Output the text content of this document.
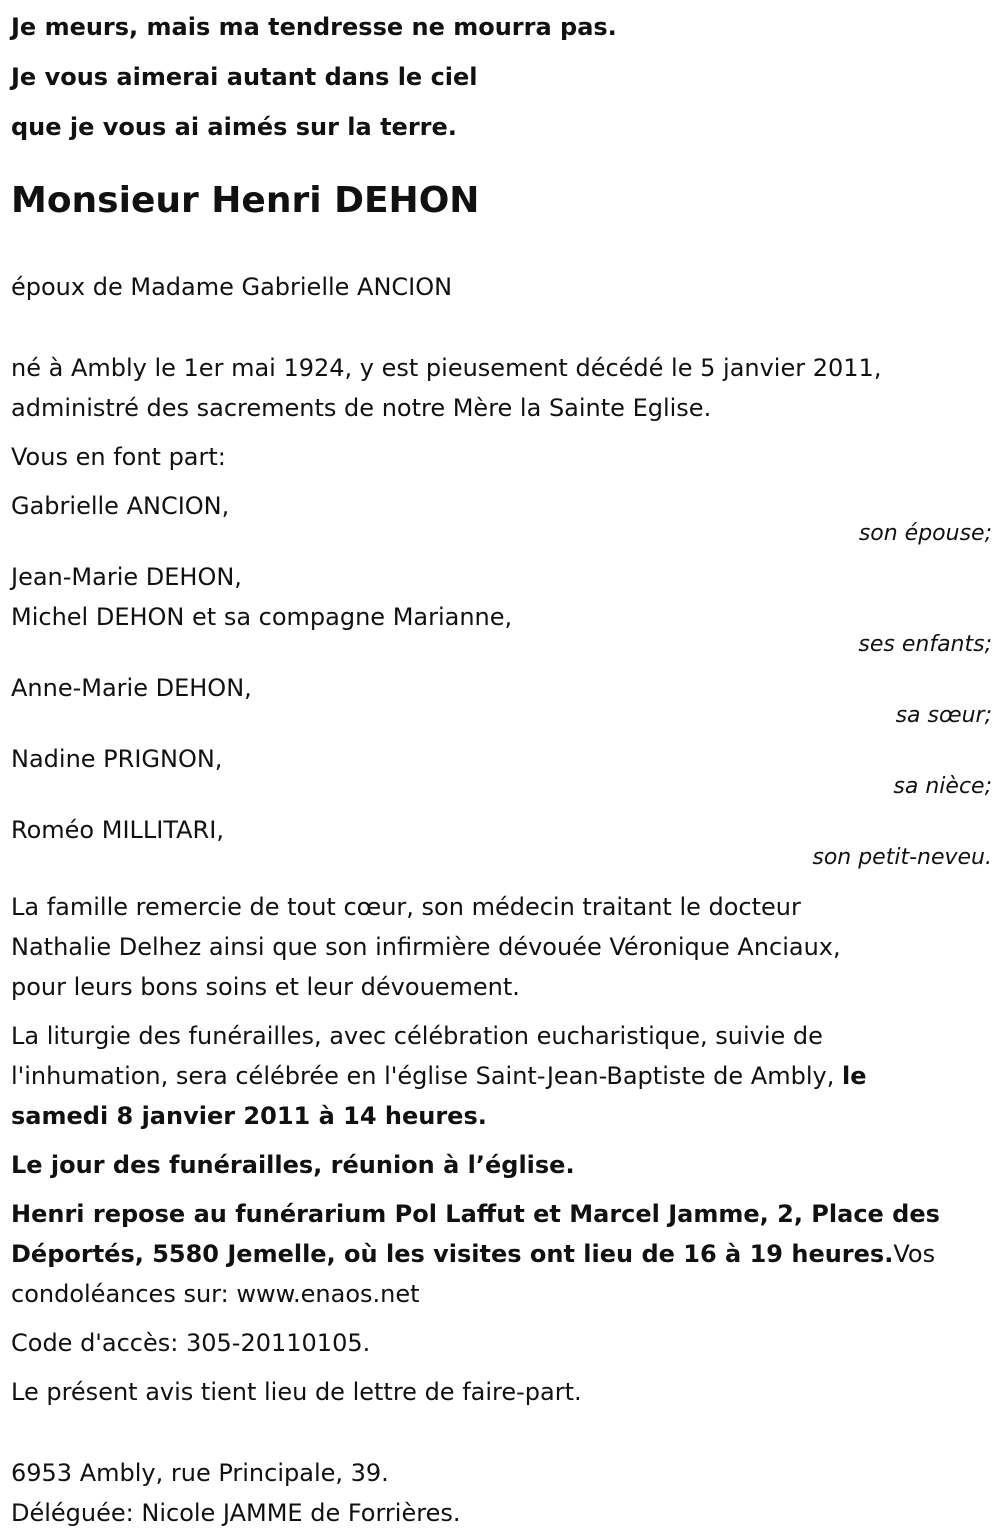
Je meurs, mais ma tendresse ne mourra pas.
Je vous aimerai autant dans le ciel
que je vous ai aimés sur la terre.
Monsieur Henri DEHON

époux de Madame Gabrielle ANCION

né à Ambly le 1er mai 1924, y est pieusement décédé le 5 janvier 2011,

administré des sacrements de notre Mère la Sainte Eglise.

Vous en font part:

Gabrielle ANCION,
son épouse;
Jean-Marie DEHON,
Michel DEHON et sa compagne Marianne,
ses enfants;
Anne-Marie DEHON,
sa sœur;
Nadine PRIGNON,
sa nièce;
Roméo MILLITARI,
son petit-neveu.

La famille remercie de tout cœur, son médecin traitant le docteur

Nathalie Delhez ainsi que son infirmière dévouée Véronique Anciaux,

pour leurs bons soins et leur dévouement.

La liturgie des funérailles, avec célébration eucharistique, suivie de

l'inhumation, sera célébrée en l'église Saint-Jean-Baptiste de Ambly, le

samedi 8 janvier 2011 à 14 heures.

Le jour des funérailles, réunion à l’église.

Henri repose au funérarium Pol Laffut et Marcel Jamme, 2, Place des

Déportés, 5580 Jemelle, où les visites ont lieu de 16 à 19 heures.Vos

condoléances sur: www.enaos.net

Code d'accès: 305-20110105.

Le présent avis tient lieu de lettre de faire-part.

6953 Ambly, rue Principale, 39.

Déléguée: Nicole JAMME de Forrières.
